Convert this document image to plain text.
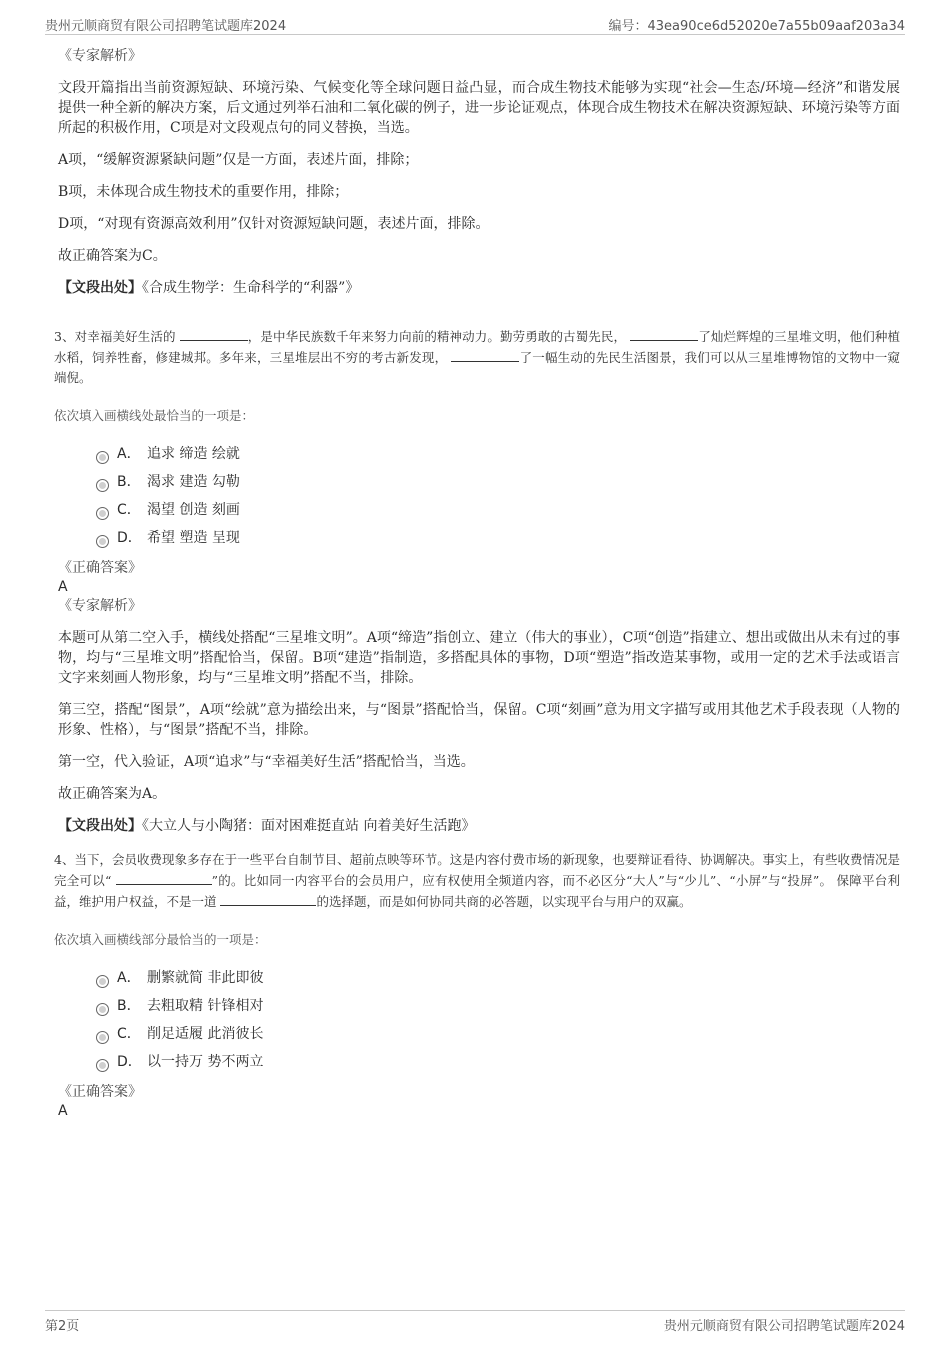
贵州元顺商贸有限公司招聘笔试题库2024	编号：43ea90ce6d52020e7a55b09aaf203a34

《专家解析》

文段开篇指出当前资源短缺、环境污染、气候变化等全球问题日益凸显，而合成生物技术能够为实现“社会—生态/环境—经济”和谐发展提供一种全新的解决方案，后文通过列举石油和二氧化碳的例子，进一步论证观点，体现合成生物技术在解决资源短缺、环境污染等方面所起的积极作用，C项是对文段观点句的同义替换，当选。

A项，“缓解资源紧缺问题”仅是一方面，表述片面，排除；

B项，未体现合成生物技术的重要作用，排除；

D项，“对现有资源高效利用”仅针对资源短缺问题，表述片面，排除。

故正确答案为C。

【文段出处】《合成生物学：生命科学的“利器”》

3、对幸福美好生活的	，是中华民族数千年来努力向前的精神动力。勤劳勇敢的古蜀先民，	了灿烂辉煌的三星堆文明，他们种植水稻，饲养牲畜，修建城邦。多年来，三星堆层出不穷的考古新发现，	了一幅生动的先民生活图景，我们可以从三星堆博物馆的文物中一窥端倪。

依次填入画横线处最恰当的一项是：

A． 追求 缔造 绘就
B． 渴求 建造 勾勒
C． 渴望 创造 刻画
D． 希望 塑造 呈现

《正确答案》

A

《专家解析》

本题可从第二空入手，横线处搭配“三星堆文明”。A项“缔造”指创立、建立（伟大的事业），C项“创造”指建立、想出或做出从未有过的事物，均与“三星堆文明”搭配恰当，保留。B项“建造”指制造，多搭配具体的事物，D项“塑造”指改造某事物，或用一定的艺术手法或语言文字来刻画人物形象，均与“三星堆文明”搭配不当，排除。

第三空，搭配“图景”，A项“绘就”意为描绘出来，与“图景”搭配恰当，保留。C项“刻画”意为用文字描写或用其他艺术手段表现（人物的形象、性格），与“图景”搭配不当，排除。

第一空，代入验证，A项“追求”与“幸福美好生活”搭配恰当，当选。

故正确答案为A。

【文段出处】《大立人与小陶猪：面对困难挺直站 向着美好生活跑》

4、当下，会员收费现象多存在于一些平台自制节目、超前点映等环节。这是内容付费市场的新现象，也要辩证看待、协调解决。事实上，有些收费情况是完全可以“	”的。比如同一内容平台的会员用户，应有权使用全频道内容，而不必区分“大人”与“少儿”、“小屏”与“投屏”。 保障平台利益，维护用户权益，不是一道	的选择题，而是如何协同共商的必答题，以实现平台与用户的双赢。

依次填入画横线部分最恰当的一项是：

A． 删繁就简 非此即彼
B． 去粗取精 针锋相对
C． 削足适履 此消彼长
D． 以一持万 势不两立

《正确答案》

A

第2页	贵州元顺商贸有限公司招聘笔试题库2024
